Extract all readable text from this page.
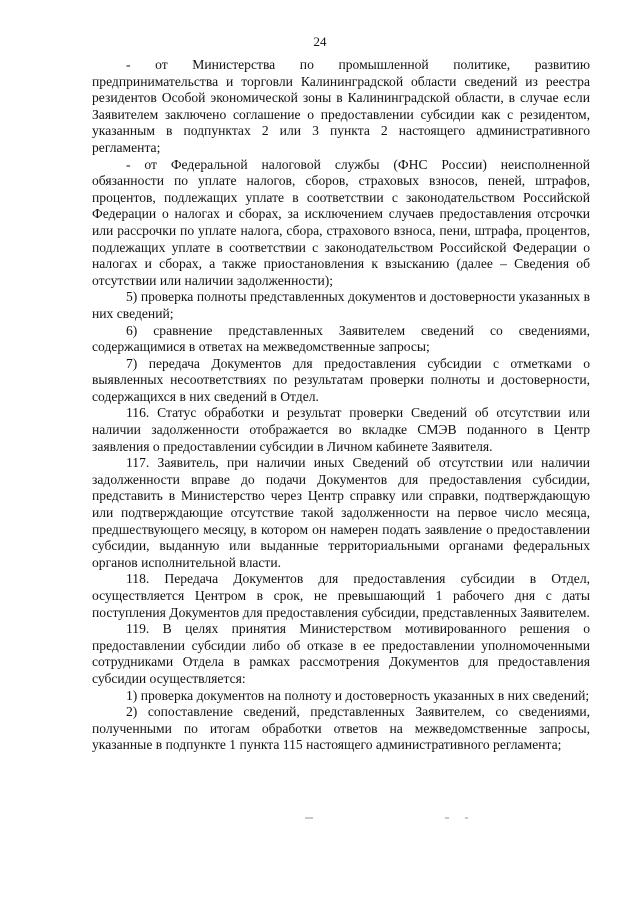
24

- от Министерства по промышленной политике, развитию предпринимательства и торговли Калининградской области сведений из реестра резидентов Особой экономической зоны в Калининградской области, в случае если Заявителем заключено соглашение о предоставлении субсидии как с резидентом, указанным в подпунктах 2 или 3 пункта 2 настоящего административного регламента;

- от Федеральной налоговой службы (ФНС России) неисполненной обязанности по уплате налогов, сборов, страховых взносов, пеней, штрафов, процентов, подлежащих уплате в соответствии с законодательством Российской Федерации о налогах и сборах, за исключением случаев предоставления отсрочки или рассрочки по уплате налога, сбора, страхового взноса, пени, штрафа, процентов, подлежащих уплате в соответствии с законодательством Российской Федерации о налогах и сборах, а также приостановления к взысканию (далее – Сведения об отсутствии или наличии задолженности);

5) проверка полноты представленных документов и достоверности указанных в них сведений;

6) сравнение представленных Заявителем сведений со сведениями, содержащимися в ответах на межведомственные запросы;

7) передача Документов для предоставления субсидии с отметками о выявленных несоответствиях по результатам проверки полноты и достоверности, содержащихся в них сведений в Отдел.

116. Статус обработки и результат проверки Сведений об отсутствии или наличии задолженности отображается во вкладке СМЭВ поданного в Центр заявления о предоставлении субсидии в Личном кабинете Заявителя.

117. Заявитель, при наличии иных Сведений об отсутствии или наличии задолженности вправе до подачи Документов для предоставления субсидии, представить в Министерство через Центр справку или справки, подтверждающую или подтверждающие отсутствие такой задолженности на первое число месяца, предшествующего месяцу, в котором он намерен подать заявление о предоставлении субсидии, выданную или выданные территориальными органами федеральных органов исполнительной власти.

118. Передача Документов для предоставления субсидии в Отдел, осуществляется Центром в срок, не превышающий 1 рабочего дня с даты поступления Документов для предоставления субсидии, представленных Заявителем.

119. В целях принятия Министерством мотивированного решения о предоставлении субсидии либо об отказе в ее предоставлении уполномоченными сотрудниками Отдела в рамках рассмотрения Документов для предоставления субсидии осуществляется:

1) проверка документов на полноту и достоверность указанных в них сведений;

2) сопоставление сведений, представленных Заявителем, со сведениями, полученными по итогам обработки ответов на межведомственные запросы, указанные в подпункте 1 пункта 115 настоящего административного регламента;
